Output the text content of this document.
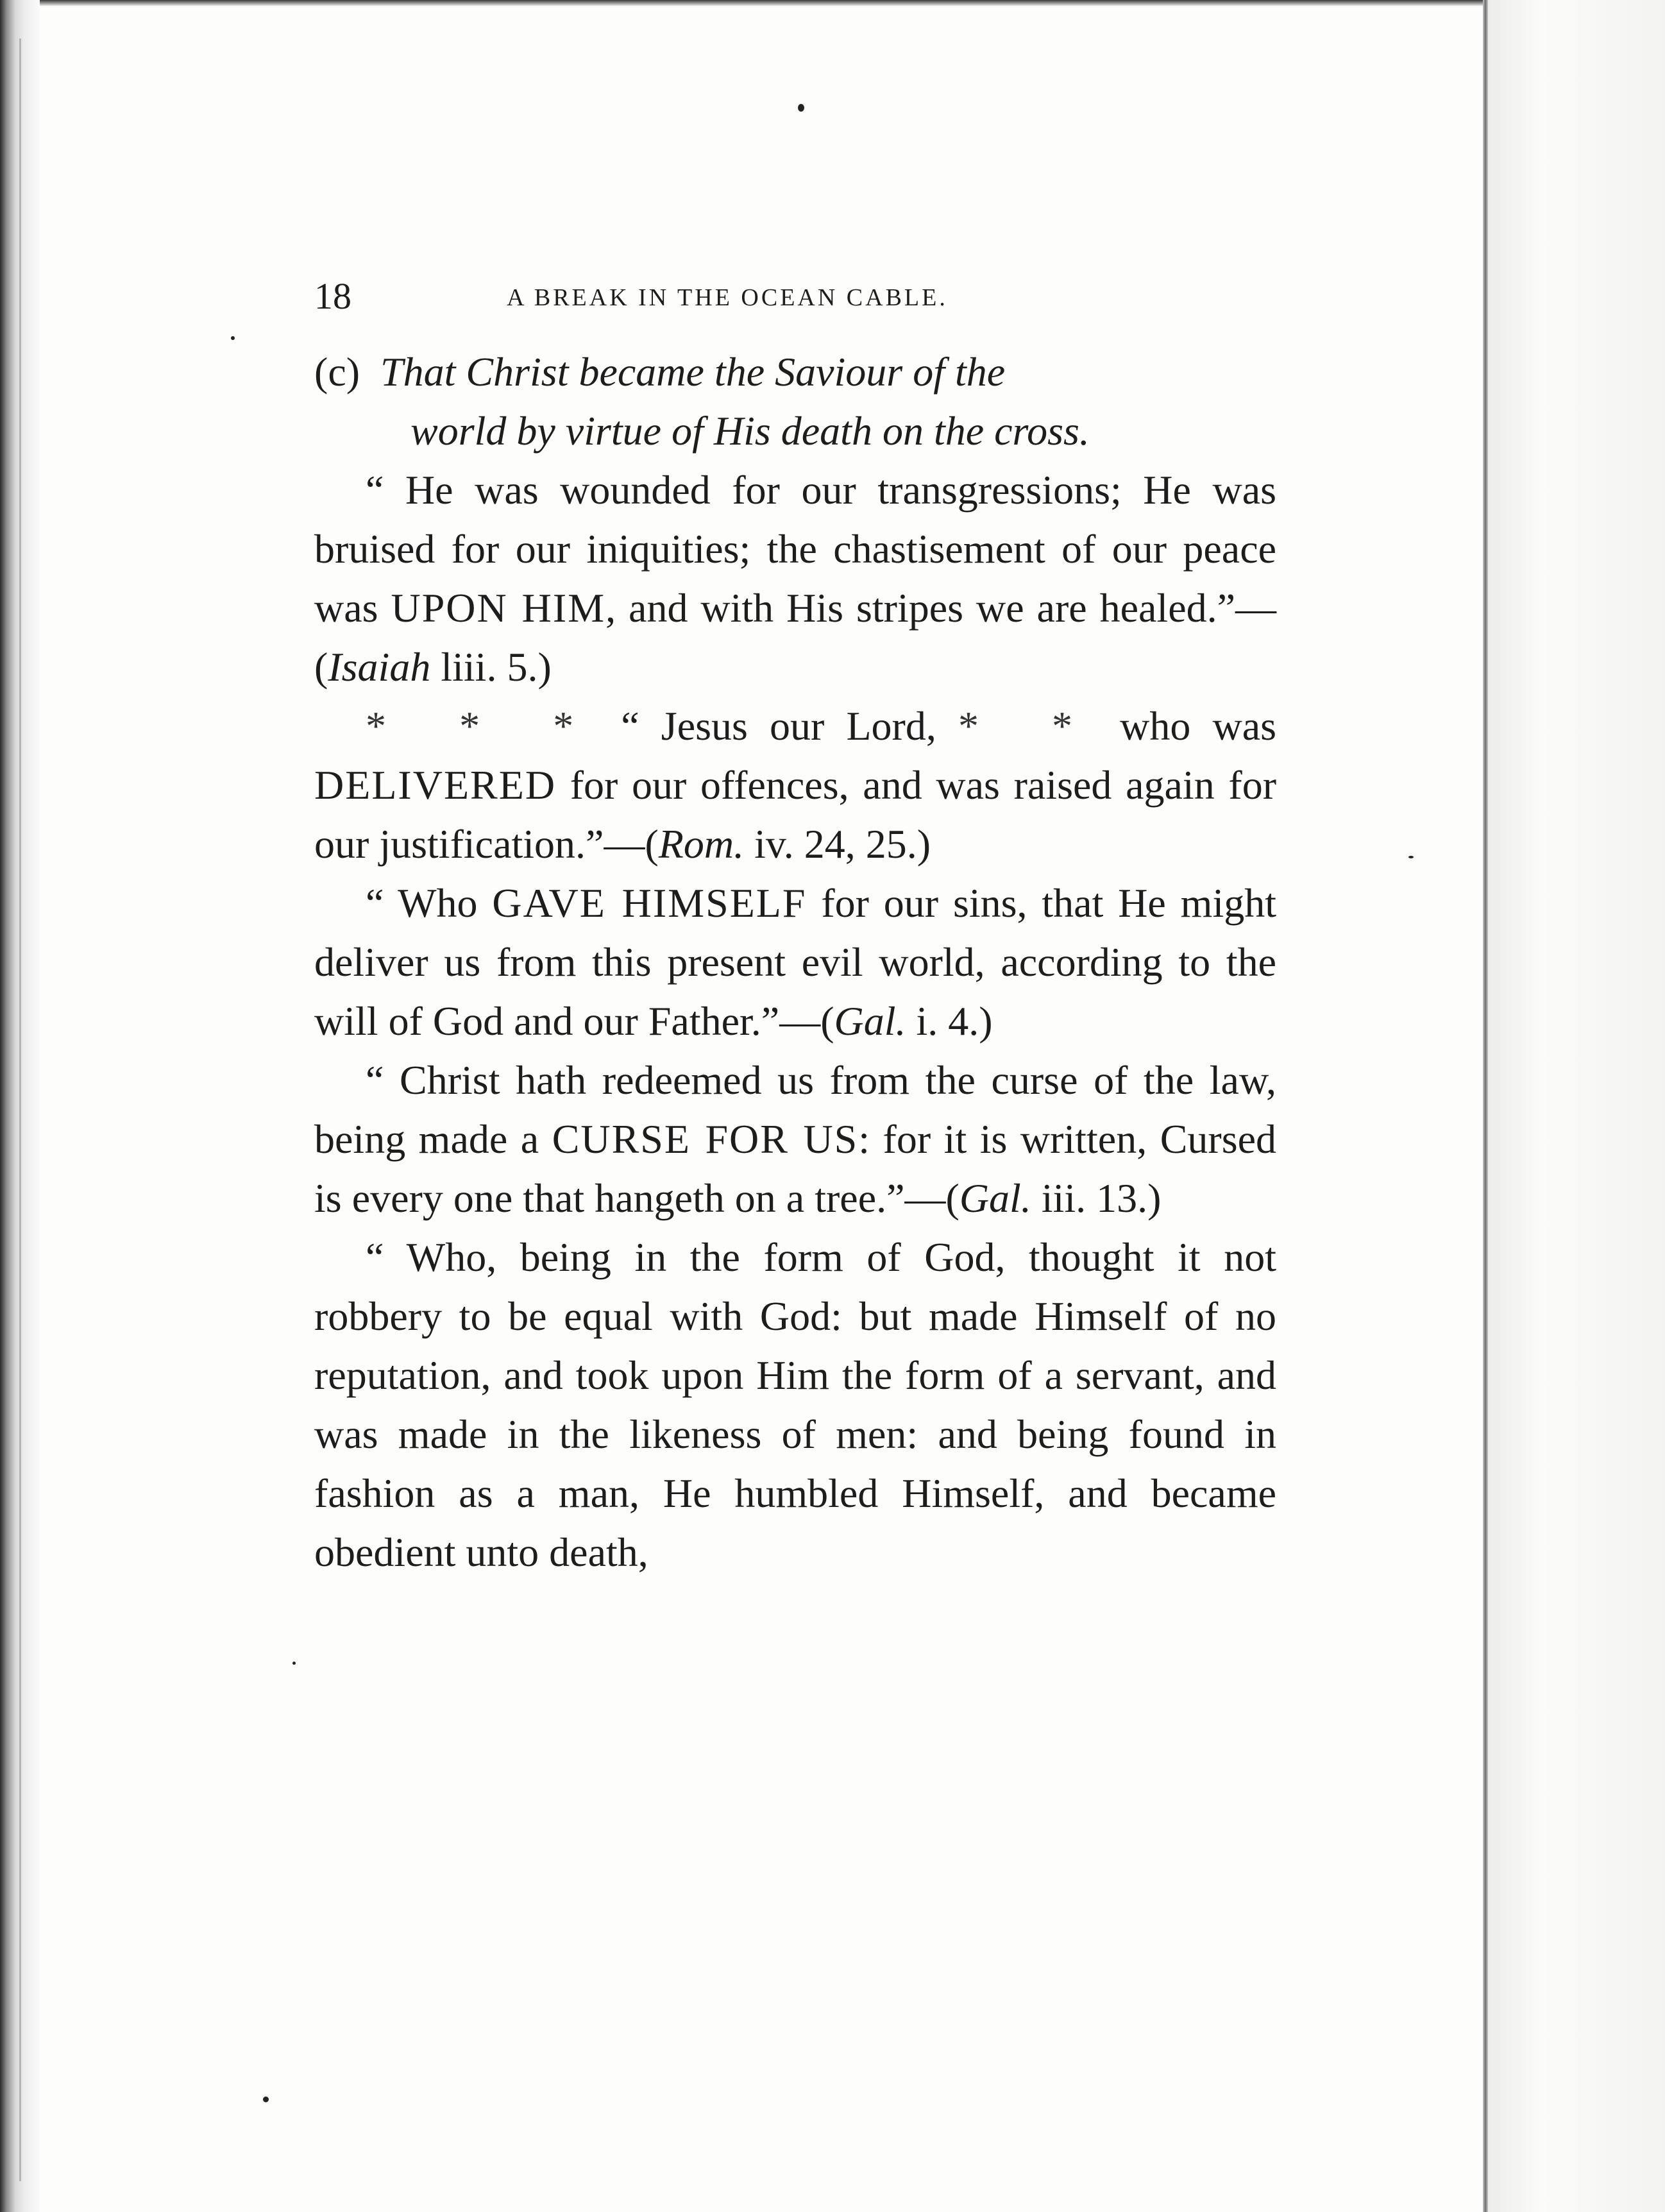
18	A BREAK IN THE OCEAN CABLE.

(c) That Christ became the Saviour of the
world by virtue of His death on the cross.

“ He was wounded for our transgressions; He was bruised for our iniquities; the chastisement of our peace was UPON HIM, and with His stripes we are healed.”—(Isaiah liii. 5.)

* * * “ Jesus our Lord, * * who was DELIVERED for our offences, and was raised again for our justification.”—(Rom. iv. 24, 25.)

“ Who GAVE HIMSELF for our sins, that He might deliver us from this present evil world, according to the will of God and our Father.”—(Gal. i. 4.)

“ Christ hath redeemed us from the curse of the law, being made a CURSE FOR US: for it is written, Cursed is every one that hangeth on a tree.”—(Gal. iii. 13.)

“ Who, being in the form of God, thought it not robbery to be equal with God: but made Himself of no reputation, and took upon Him the form of a servant, and was made in the likeness of men: and being found in fashion as a man, He humbled Himself, and became obedient unto death,
